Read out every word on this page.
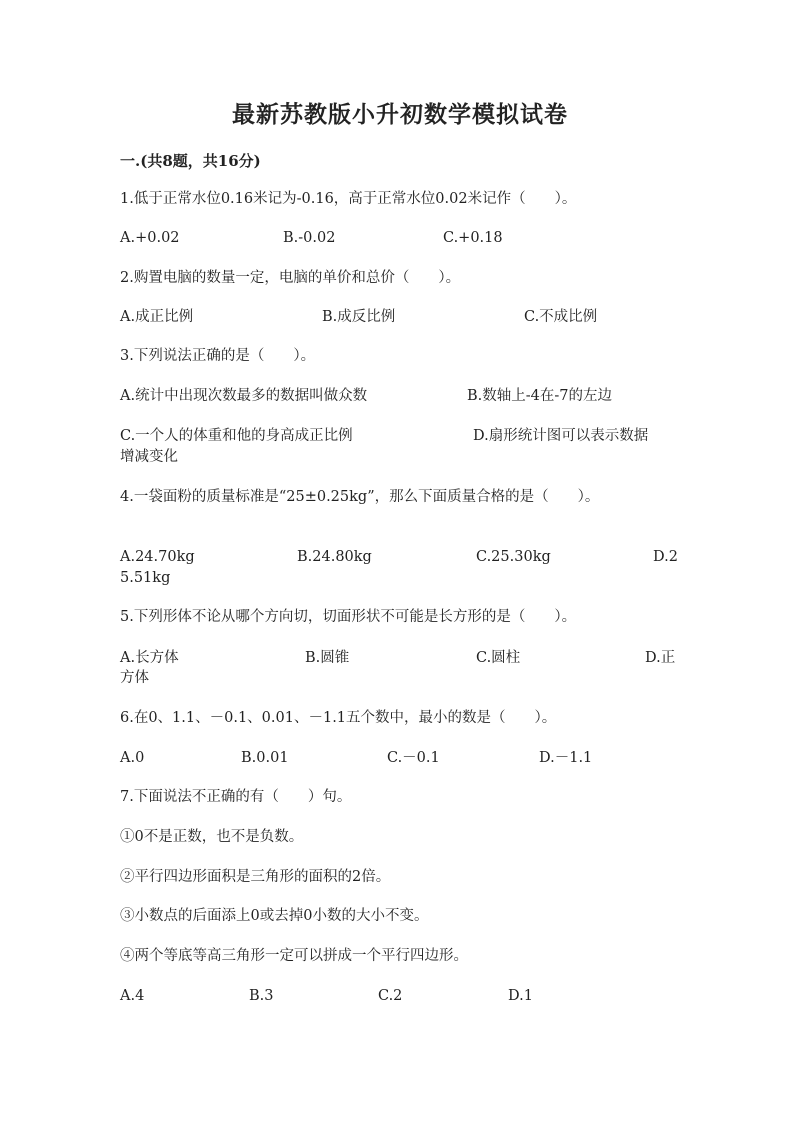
最新苏教版小升初数学模拟试卷
一.(共8题，共16分)
1.低于正常水位0.16米记为-0.16，高于正常水位0.02米记作（　　）。
A.+0.02	B.-0.02	C.+0.18
2.购置电脑的数量一定，电脑的单价和总价（　　）。
A.成正比例	B.成反比例	C.不成比例
3.下列说法正确的是（　　）。
A.统计中出现次数最多的数据叫做众数	B.数轴上-4在-7的左边
C.一个人的体重和他的身高成正比例	D.扇形统计图可以表示数据
增减变化
4.一袋面粉的质量标准是“25±0.25kg”，那么下面质量合格的是（　　）。
A.24.70kg	B.24.80kg	C.25.30kg	D.2
5.51kg
5.下列形体不论从哪个方向切，切面形状不可能是长方形的是（　　）。
A.长方体	B.圆锥	C.圆柱	D.正
方体
6.在0、1.1、－0.1、0.01、－1.1五个数中，最小的数是（　　）。
A.0	B.0.01	C.－0.1	D.－1.1
7.下面说法不正确的有（　　）句。
①0不是正数，也不是负数。
②平行四边形面积是三角形的面积的2倍。
③小数点的后面添上0或去掉0小数的大小不变。
④两个等底等高三角形一定可以拼成一个平行四边形。
A.4	B.3	C.2	D.1
